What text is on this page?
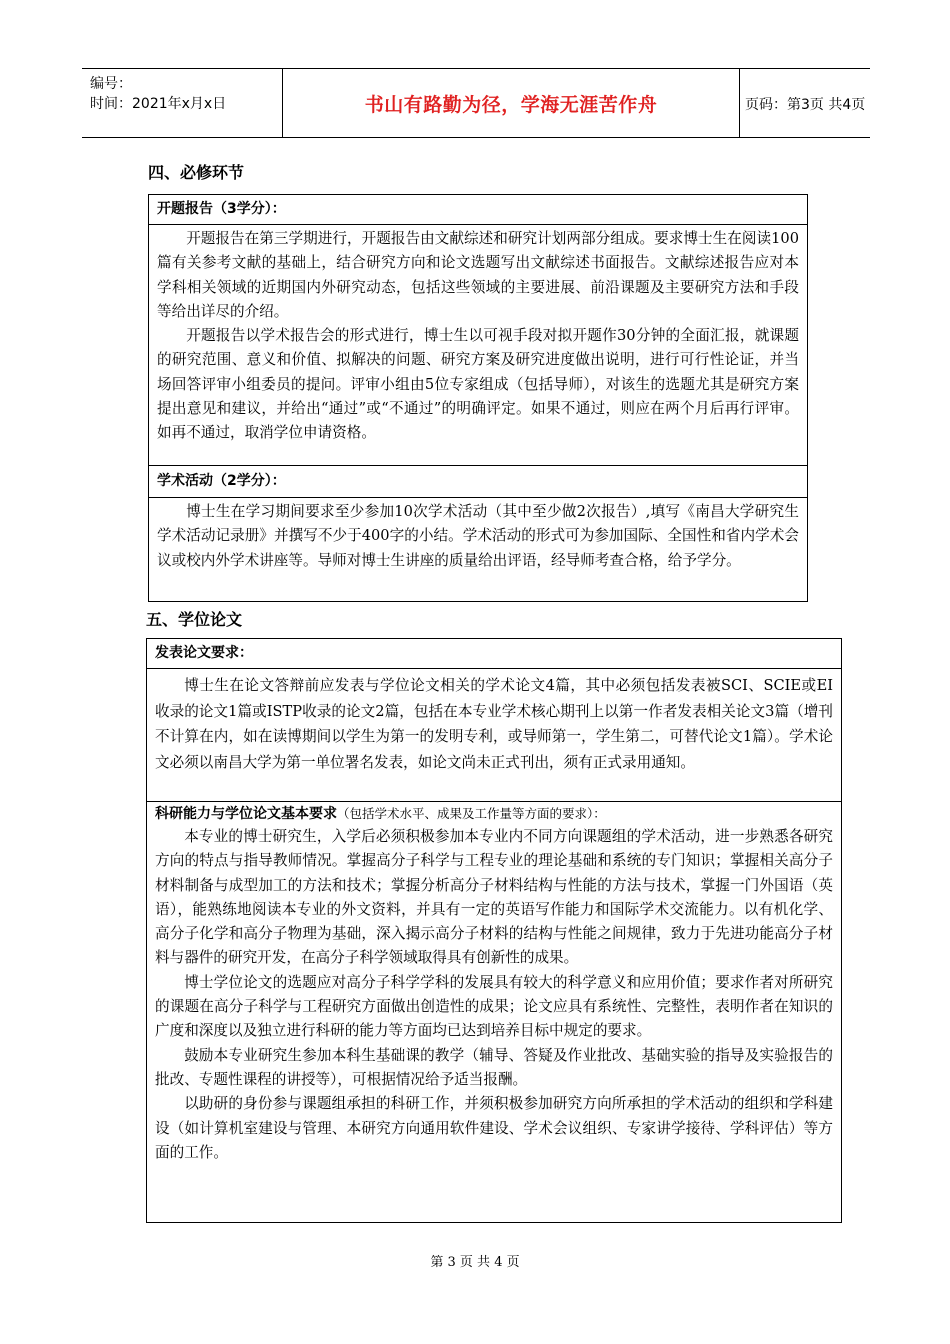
编号：
时间：2021年x月x日	书山有路勤为径，学海无涯苦作舟	页码：第3页 共4页
四、必修环节
开题报告（3学分）：

开题报告在第三学期进行，开题报告由文献综述和研究计划两部分组成。要求博士生在阅读100篇有关参考文献的基础上，结合研究方向和论文选题写出文献综述书面报告。文献综述报告应对本学科相关领域的近期国内外研究动态，包括这些领域的主要进展、前沿课题及主要研究方法和手段等给出详尽的介绍。

开题报告以学术报告会的形式进行，博士生以可视手段对拟开题作30分钟的全面汇报，就课题的研究范围、意义和价值、拟解决的问题、研究方案及研究进度做出说明，进行可行性论证，并当场回答评审小组委员的提问。评审小组由5位专家组成（包括导师），对该生的选题尤其是研究方案提出意见和建议，并给出“通过”或“不通过”的明确评定。如果不通过，则应在两个月后再行评审。如再不通过，取消学位申请资格。

学术活动（2学分）：

博士生在学习期间要求至少参加10次学术活动（其中至少做2次报告）,填写《南昌大学研究生学术活动记录册》并撰写不少于400字的小结。学术活动的形式可为参加国际、全国性和省内学术会议或校内外学术讲座等。导师对博士生讲座的质量给出评语，经导师考查合格，给予学分。

五、学位论文
发表论文要求：

博士生在论文答辩前应发表与学位论文相关的学术论文4篇，其中必须包括发表被SCI、SCIE或EI 收录的论文1篇或ISTP收录的论文2篇，包括在本专业学术核心期刊上以第一作者发表相关论文3篇（增刊不计算在内，如在读博期间以学生为第一的发明专利，或导师第一，学生第二，可替代论文1篇）。学术论文必须以南昌大学为第一单位署名发表，如论文尚未正式刊出，须有正式录用通知。

科研能力与学位论文基本要求（包括学术水平、成果及工作量等方面的要求）：

本专业的博士研究生，入学后必须积极参加本专业内不同方向课题组的学术活动，进一步熟悉各研究方向的特点与指导教师情况。掌握高分子科学与工程专业的理论基础和系统的专门知识；掌握相关高分子材料制备与成型加工的方法和技术；掌握分析高分子材料结构与性能的方法与技术，掌握一门外国语（英语），能熟练地阅读本专业的外文资料，并具有一定的英语写作能力和国际学术交流能力。以有机化学、高分子化学和高分子物理为基础，深入揭示高分子材料的结构与性能之间规律，致力于先进功能高分子材料与器件的研究开发，在高分子科学领域取得具有创新性的成果。

博士学位论文的选题应对高分子科学学科的发展具有较大的科学意义和应用价值；要求作者对所研究的课题在高分子科学与工程研究方面做出创造性的成果；论文应具有系统性、完整性，表明作者在知识的广度和深度以及独立进行科研的能力等方面均已达到培养目标中规定的要求。

鼓励本专业研究生参加本科生基础课的教学（辅导、答疑及作业批改、基础实验的指导及实验报告的批改、专题性课程的讲授等），可根据情况给予适当报酬。

以助研的身份参与课题组承担的科研工作，并须积极参加研究方向所承担的学术活动的组织和学科建设（如计算机室建设与管理、本研究方向通用软件建设、学术会议组织、专家讲学接待、学科评估）等方面的工作。

第 3 页 共 4 页
